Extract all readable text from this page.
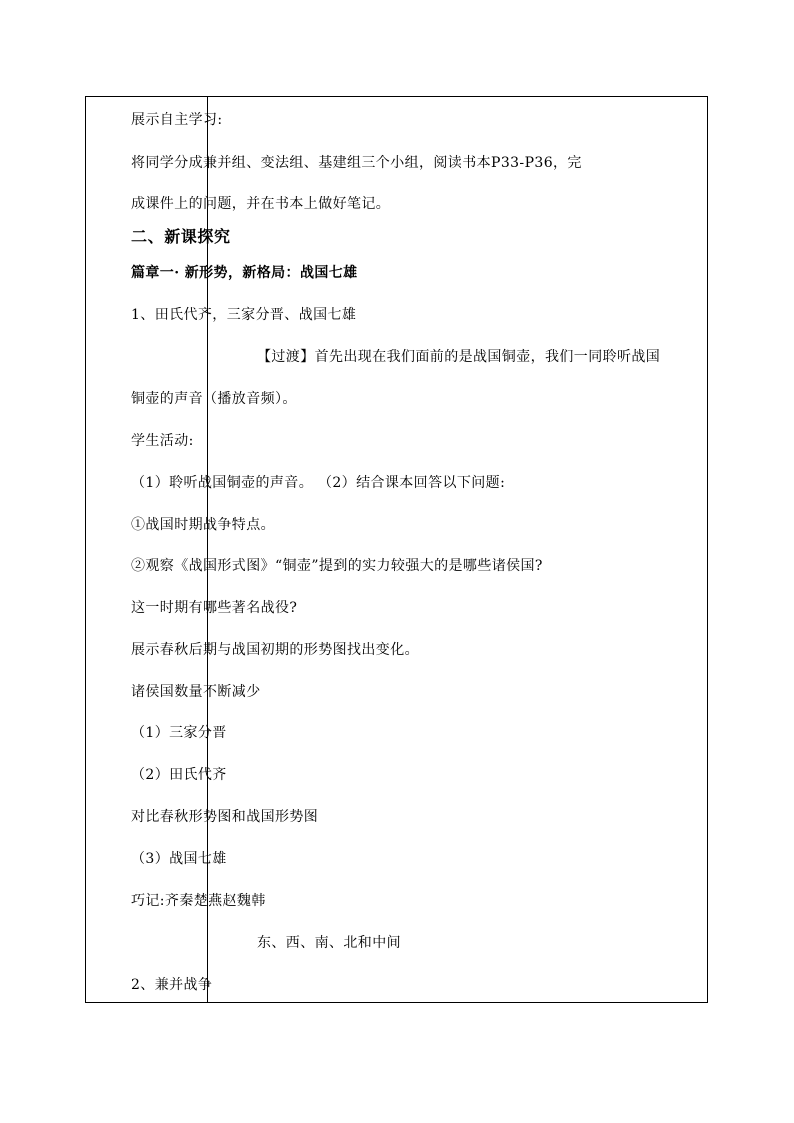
展示自主学习:
将同学分成兼并组、变法组、基建组三个小组，阅读书本P33-P36，完
成课件上的问题，并在书本上做好笔记。
二、新课探究
篇章一· 新形势，新格局：战国七雄
1、田氏代齐，三家分晋、战国七雄
【过渡】首先出现在我们面前的是战国铜壶，我们一同聆听战国
铜壶的声音（播放音频）。
学生活动:
（1）聆听战国铜壶的声音。 （2）结合课本回答以下问题:
①战国时期战争特点。
②观察《战国形式图》“铜壶”提到的实力较强大的是哪些诸侯国?
这一时期有哪些著名战役?
展示春秋后期与战国初期的形势图找出变化。
诸侯国数量不断减少
（1）三家分晋
（2）田氏代齐
对比春秋形势图和战国形势图
（3）战国七雄
巧记:齐秦楚燕赵魏韩
东、西、南、北和中间
2、兼并战争
